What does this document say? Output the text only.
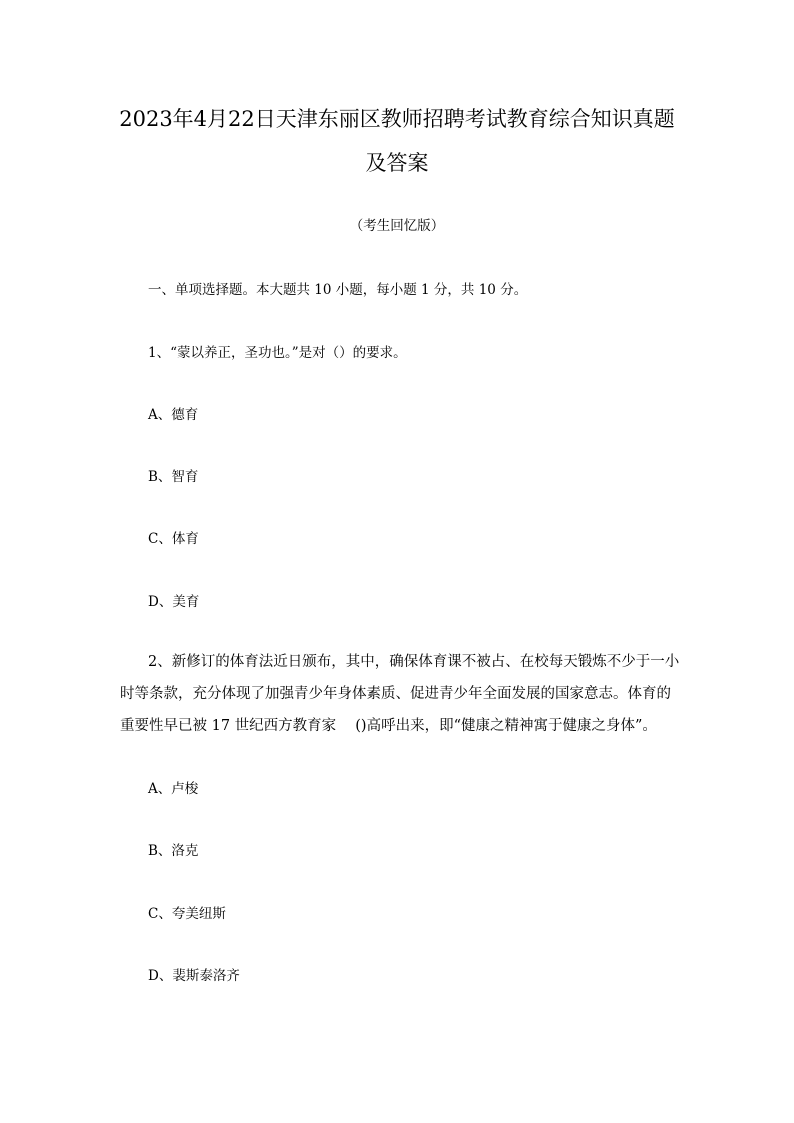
2023年4月22日天津东丽区教师招聘考试教育综合知识真题及答案
（考生回忆版）
一、单项选择题。本大题共 10 小题，每小题 1 分，共 10 分。
1、“蒙以养正，圣功也。”是对（）的要求。
A、德育
B、智育
C、体育
D、美育
2、新修订的体育法近日颁布，其中，确保体育课不被占、在校每天锻炼不少于一小时等条款，充分体现了加强青少年身体素质、促进青少年全面发展的国家意志。体育的重要性早已被 17 世纪西方教育家　 ()高呼出来，即“健康之精神寓于健康之身体”。
A、卢梭
B、洛克
C、夸美纽斯
D、裴斯泰洛齐
